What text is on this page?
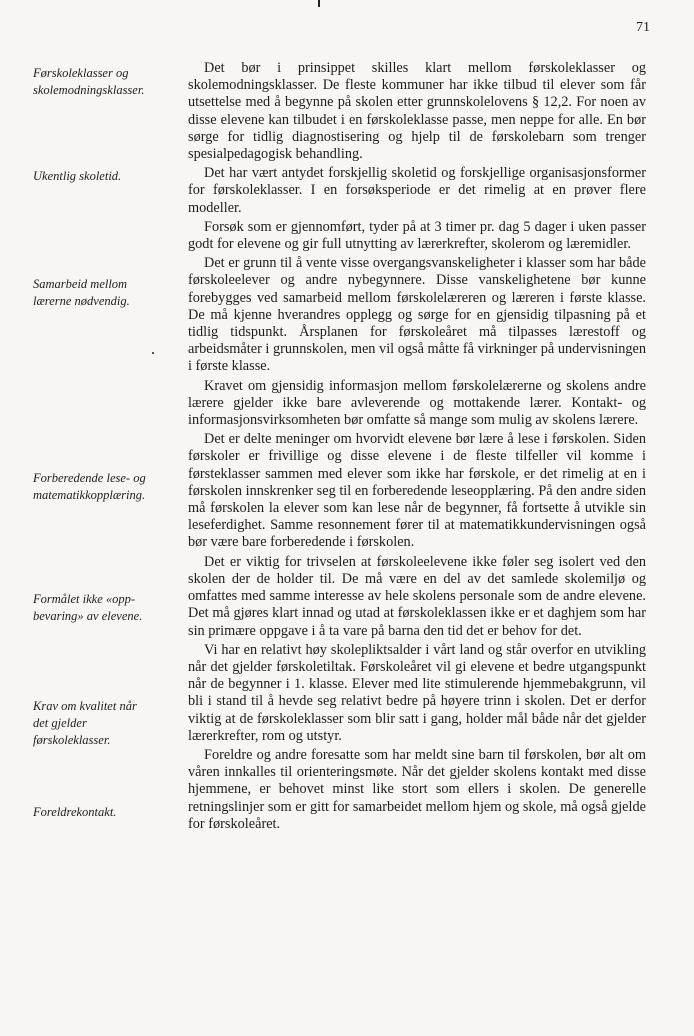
71
Førskoleklasser og
skolemodningsklasser.
Ukentlig skoletid.
Samarbeid mellom
lærerne nødvendig.
Forberedende lese- og
matematikkopplæring.
Formålet ikke «opp-
bevaring» av elevene.
Krav om kvalitet når
det gjelder
førskoleklasser.
Foreldrekontakt.

Det bør i prinsippet skilles klart mellom førskoleklasser og skolemodningsklasser. De fleste kommuner har ikke tilbud til elever som får utsettelse med å begynne på skolen etter grunnskolelovens § 12,2. For noen av disse elevene kan tilbudet i en førskoleklasse passe, men neppe for alle. En bør sørge for tidlig diagnostisering og hjelp til de førskolebarn som trenger spesialpedagogisk behandling.

Det har vært antydet forskjellig skoletid og forskjellige organisasjonsformer for førskoleklasser. I en forsøksperiode er det rimelig at en prøver flere modeller.

Forsøk som er gjennomført, tyder på at 3 timer pr. dag 5 dager i uken passer godt for elevene og gir full utnytting av lærerkrefter, skolerom og læremidler.

Det er grunn til å vente visse overgangsvanskeligheter i klasser som har både førskoleelever og andre nybegynnere. Disse vanskelighetene bør kunne forebygges ved samarbeid mellom førskolelæreren og læreren i første klasse. De må kjenne hverandres opplegg og sørge for en gjensidig tilpasning på et tidlig tidspunkt. Årsplanen for førskoleåret må tilpasses lærestoff og arbeidsmåter i grunnskolen, men vil også måtte få virkninger på undervisningen i første klasse.

Kravet om gjensidig informasjon mellom førskolelærerne og skolens andre lærere gjelder ikke bare avleverende og mottakende lærer. Kontakt- og informasjonsvirksomheten bør omfatte så mange som mulig av skolens lærere.

Det er delte meninger om hvorvidt elevene bør lære å lese i førskolen. Siden førskoler er frivillige og disse elevene i de fleste tilfeller vil komme i førsteklasser sammen med elever som ikke har førskole, er det rimelig at en i førskolen innskrenker seg til en forberedende leseopplæring. På den andre siden må førskolen la elever som kan lese når de begynner, få fortsette å utvikle sin leseferdighet. Samme resonnement fører til at matematikkundervisningen også bør være bare forberedende i førskolen.

Det er viktig for trivselen at førskoleelevene ikke føler seg isolert ved den skolen der de holder til. De må være en del av det samlede skolemiljø og omfattes med samme interesse av hele skolens personale som de andre elevene. Det må gjøres klart innad og utad at førskoleklassen ikke er et daghjem som har sin primære oppgave i å ta vare på barna den tid det er behov for det.

Vi har en relativt høy skolepliktsalder i vårt land og står overfor en utvikling når det gjelder førskoletiltak. Førskoleåret vil gi elevene et bedre utgangspunkt når de begynner i 1. klasse. Elever med lite stimulerende hjemmebakgrunn, vil bli i stand til å hevde seg relativt bedre på høyere trinn i skolen. Det er derfor viktig at de førskoleklasser som blir satt i gang, holder mål både når det gjelder lærerkrefter, rom og utstyr.

Foreldre og andre foresatte som har meldt sine barn til førskolen, bør alt om våren innkalles til orienteringsmøte. Når det gjelder skolens kontakt med disse hjemmene, er behovet minst like stort som ellers i skolen. De generelle retningslinjer som er gitt for samarbeidet mellom hjem og skole, må også gjelde for førskoleåret.
